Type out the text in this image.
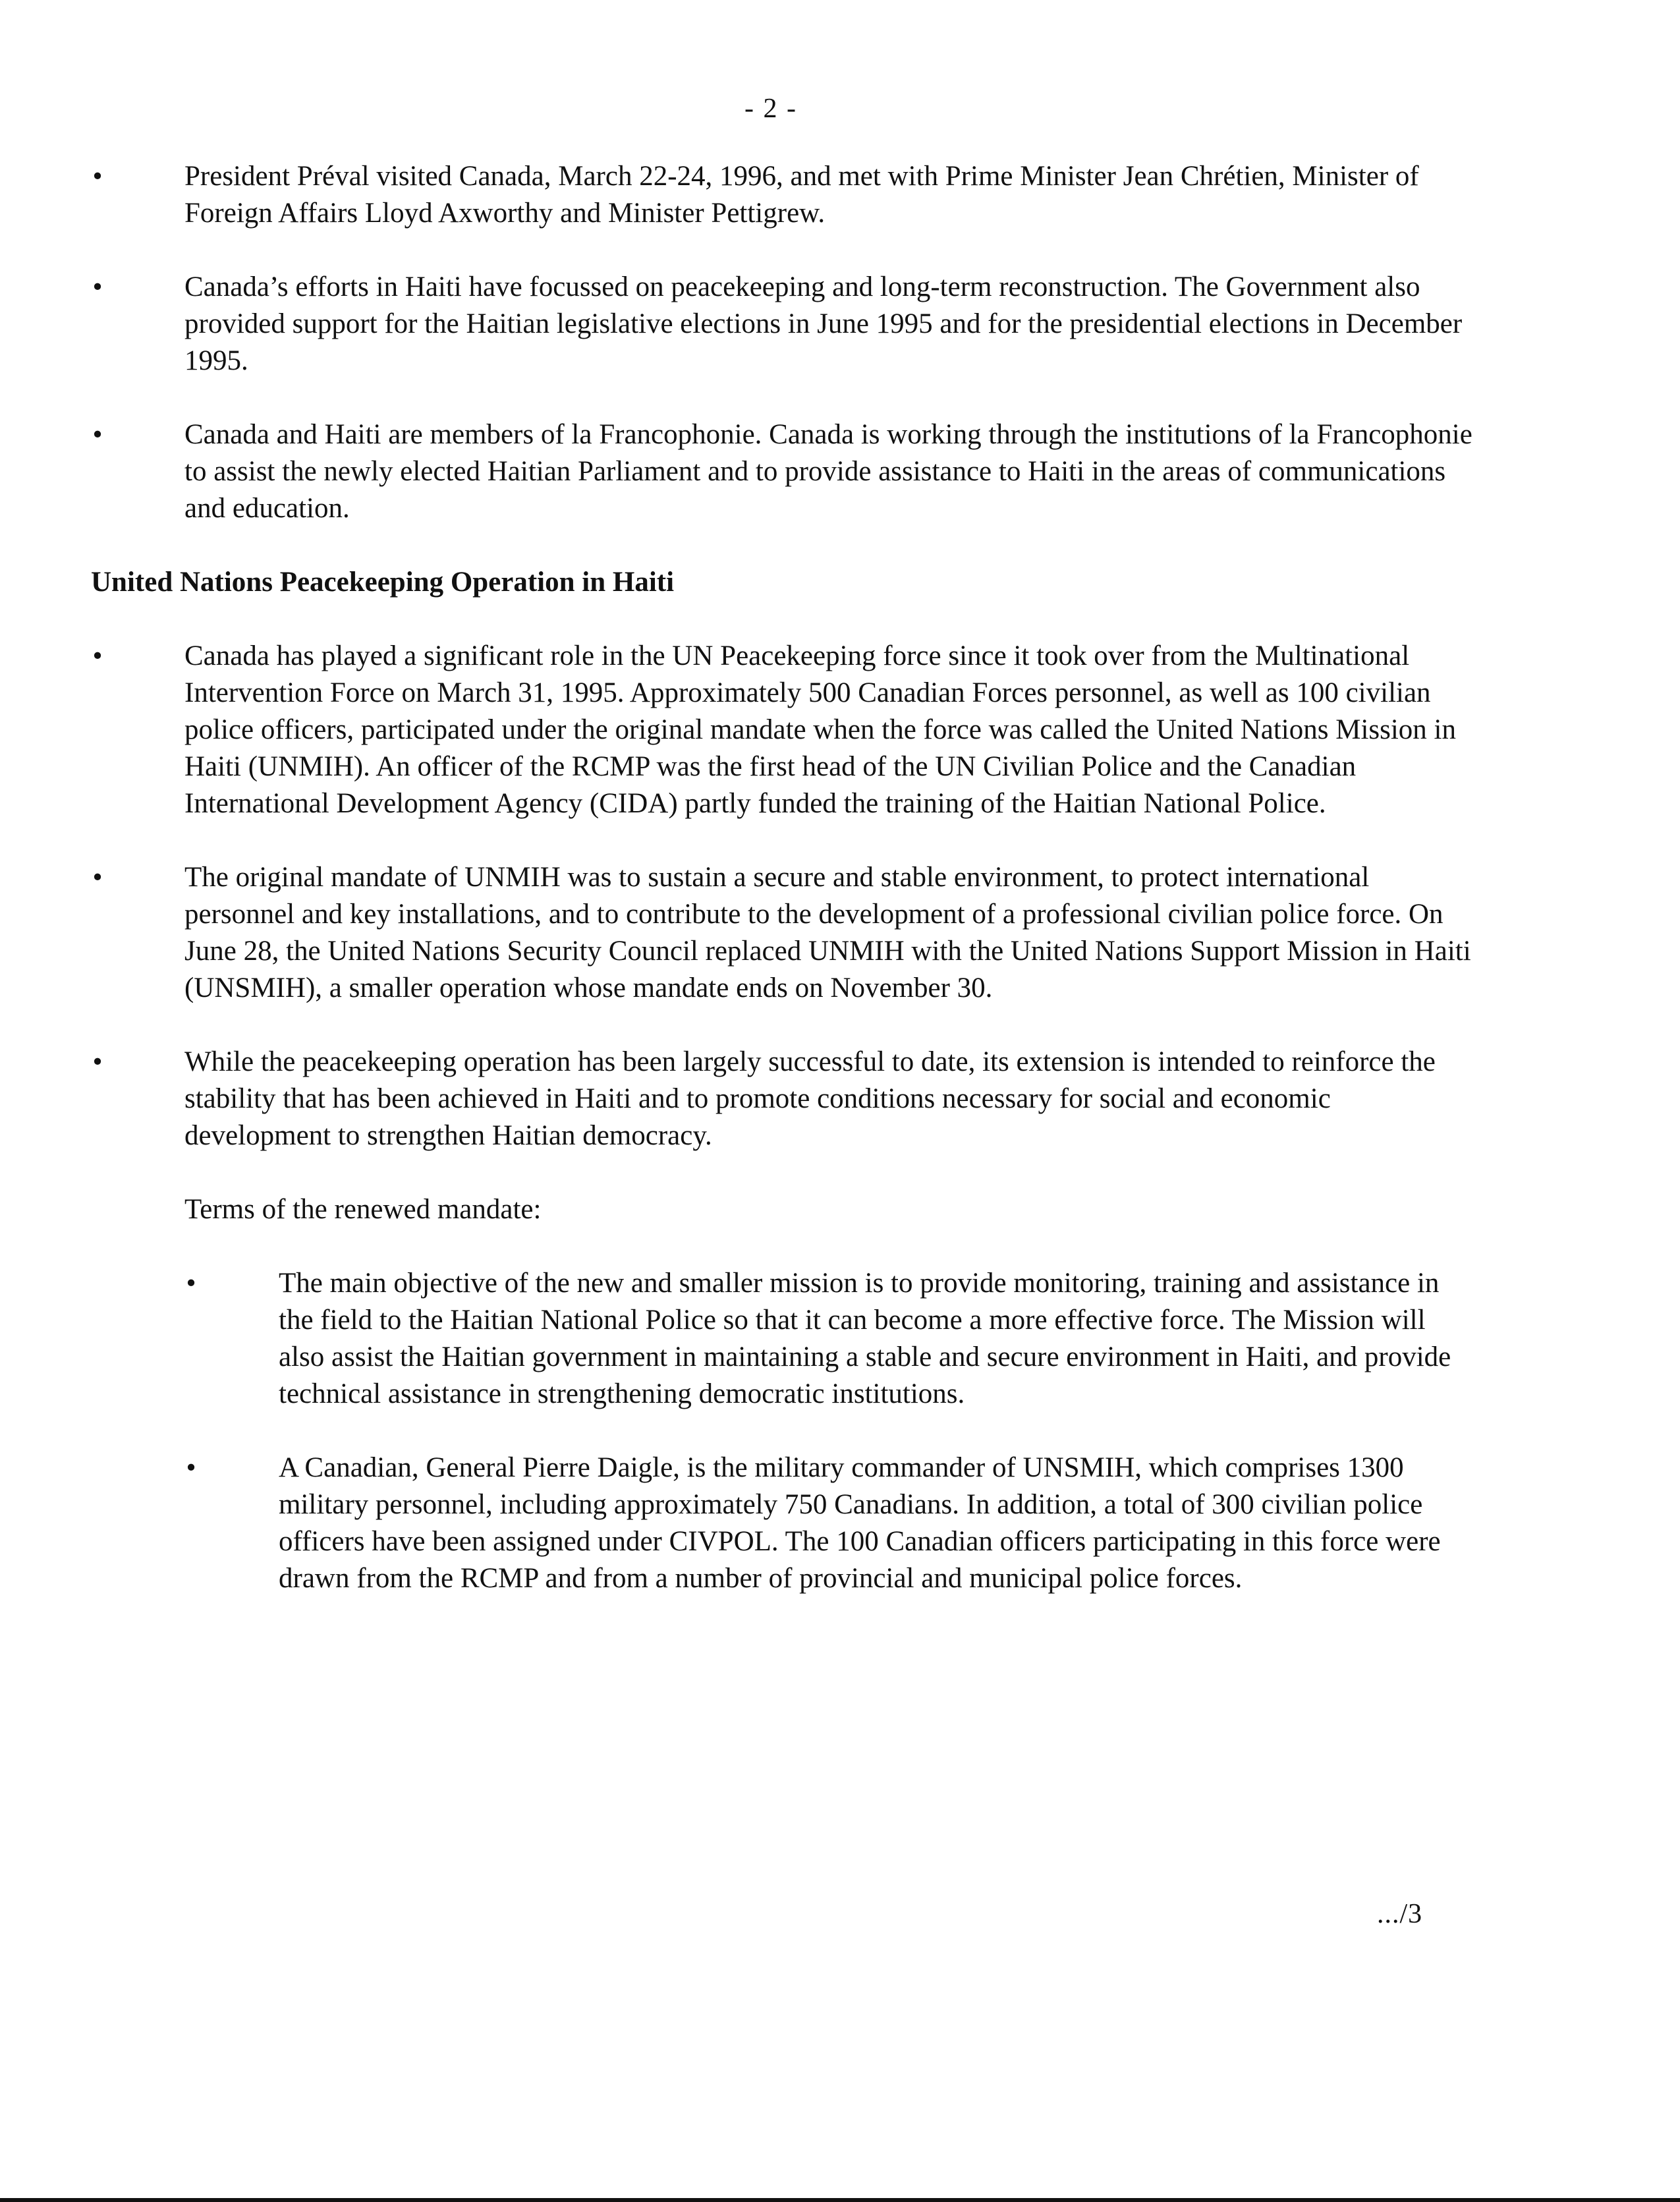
- 2 -
•	President Préval visited Canada, March 22-24, 1996, and met with Prime Minister Jean Chrétien, Minister of Foreign Affairs Lloyd Axworthy and Minister Pettigrew.
•	Canada’s efforts in Haiti have focussed on peacekeeping and long-term reconstruction. The Government also provided support for the Haitian legislative elections in June 1995 and for the presidential elections in December 1995.
•	Canada and Haiti are members of la Francophonie. Canada is working through the institutions of la Francophonie to assist the newly elected Haitian Parliament and to provide assistance to Haiti in the areas of communications and education.
United Nations Peacekeeping Operation in Haiti
•	Canada has played a significant role in the UN Peacekeeping force since it took over from the Multinational Intervention Force on March 31, 1995. Approximately 500 Canadian Forces personnel, as well as 100 civilian police officers, participated under the original mandate when the force was called the United Nations Mission in Haiti (UNMIH). An officer of the RCMP was the first head of the UN Civilian Police and the Canadian International Development Agency (CIDA) partly funded the training of the Haitian National Police.
•	The original mandate of UNMIH was to sustain a secure and stable environment, to protect international personnel and key installations, and to contribute to the development of a professional civilian police force. On June 28, the United Nations Security Council replaced UNMIH with the United Nations Support Mission in Haiti (UNSMIH), a smaller operation whose mandate ends on November 30.
•	While the peacekeeping operation has been largely successful to date, its extension is intended to reinforce the stability that has been achieved in Haiti and to promote conditions necessary for social and economic development to strengthen Haitian democracy.
Terms of the renewed mandate:
•	The main objective of the new and smaller mission is to provide monitoring, training and assistance in the field to the Haitian National Police so that it can become a more effective force. The Mission will also assist the Haitian government in maintaining a stable and secure environment in Haiti, and provide technical assistance in strengthening democratic institutions.
•	A Canadian, General Pierre Daigle, is the military commander of UNSMIH, which comprises 1300 military personnel, including approximately 750 Canadians. In addition, a total of 300 civilian police officers have been assigned under CIVPOL. The 100 Canadian officers participating in this force were drawn from the RCMP and from a number of provincial and municipal police forces.
.../3
